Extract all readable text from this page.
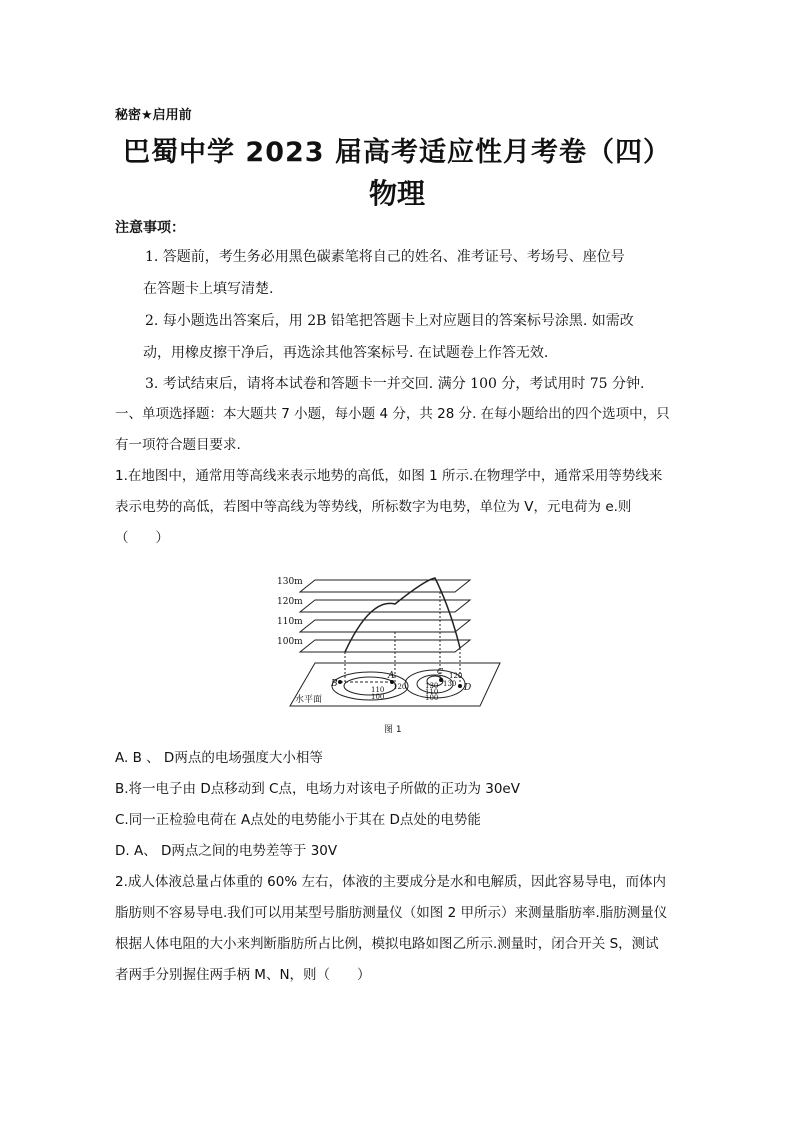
秘密★启用前
巴蜀中学 2023 届高考适应性月考卷（四）
物理
注意事项：
1. 答题前，考生务必用黑色碳素笔将自己的姓名、准考证号、考场号、座位号
在答题卡上填写清楚.
2. 每小题选出答案后，用 2B 铅笔把答题卡上对应题目的答案标号涂黑. 如需改
动，用橡皮擦干净后，再选涂其他答案标号. 在试题卷上作答无效.
3. 考试结束后，请将本试卷和答题卡一并交回. 满分 100 分，考试用时 75 分钟.
一、单项选择题：本大题共 7 小题，每小题 4 分，共 28 分. 在每小题给出的四个选项中，只
有一项符合题目要求.
1.在地图中，通常用等高线来表示地势的高低，如图 1 所示.在物理学中，通常采用等势线来
表示电势的高低，若图中等高线为等势线，所标数字为电势，单位为 V，元电荷为 e.则
（　　）
130m
120m
110m
100m
水平面
B
A	C
D
110 120
100
130 130
110
100
120
图 1
A. B 、 D两点的电场强度大小相等
B.将一电子由 D点移动到 C点，电场力对该电子所做的正功为 30eV
C.同一正检验电荷在 A点处的电势能小于其在 D点处的电势能
D. A、 D两点之间的电势差等于 30V
2.成人体液总量占体重的 60% 左右，体液的主要成分是水和电解质，因此容易导电，而体内
脂肪则不容易导电.我们可以用某型号脂肪测量仪（如图 2 甲所示）来测量脂肪率.脂肪测量仪
根据人体电阻的大小来判断脂肪所占比例，模拟电路如图乙所示.测量时，闭合开关 S，测试
者两手分别握住两手柄 M、N，则（　　）
